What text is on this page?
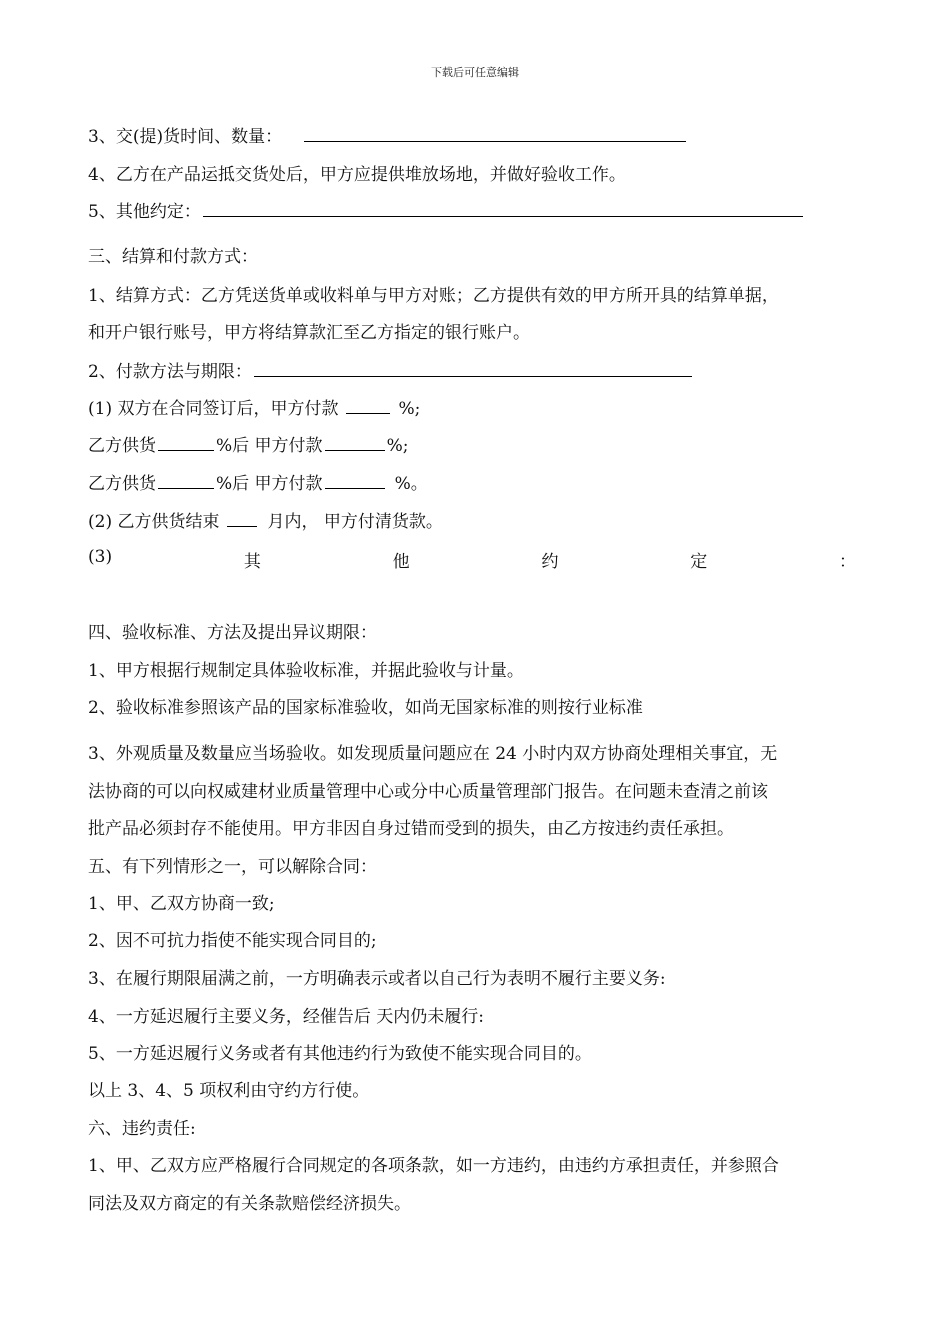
下载后可任意编辑
3、交(提)货时间、数量：
4、乙方在产品运抵交货处后，甲方应提供堆放场地，并做好验收工作。
5、其他约定：
三、结算和付款方式：
1、结算方式：乙方凭送货单或收料单与甲方对账；乙方提供有效的甲方所开具的结算单据，
和开户银行账号，甲方将结算款汇至乙方指定的银行账户。
2、付款方法与期限：
(1) 双方在合同签订后，甲方付款	%;
乙方供货	%后 甲方付款	%;
乙方供货	%后 甲方付款	%。
(2) 乙方供货结束	月内， 甲方付清货款。
(3)	其	他	约	定	：
四、验收标准、方法及提出异议期限：
1、甲方根据行规制定具体验收标准，并据此验收与计量。
2、验收标准参照该产品的国家标准验收，如尚无国家标准的则按行业标准
3、外观质量及数量应当场验收。如发现质量问题应在 24 小时内双方协商处理相关事宜，无
法协商的可以向权威建材业质量管理中心或分中心质量管理部门报告。在问题未查清之前该
批产品必须封存不能使用。甲方非因自身过错而受到的损失，由乙方按违约责任承担。
五、有下列情形之一，可以解除合同：
1、甲、乙双方协商一致;
2、因不可抗力指使不能实现合同目的;
3、在履行期限届满之前，一方明确表示或者以自己行为表明不履行主要义务:
4、一方延迟履行主要义务，经催告后 天内仍未履行:
5、一方延迟履行义务或者有其他违约行为致使不能实现合同目的。
以上 3、4、5 项权利由守约方行使。
六、违约责任:
1、甲、乙双方应严格履行合同规定的各项条款，如一方违约，由违约方承担责任，并参照合
同法及双方商定的有关条款赔偿经济损失。
